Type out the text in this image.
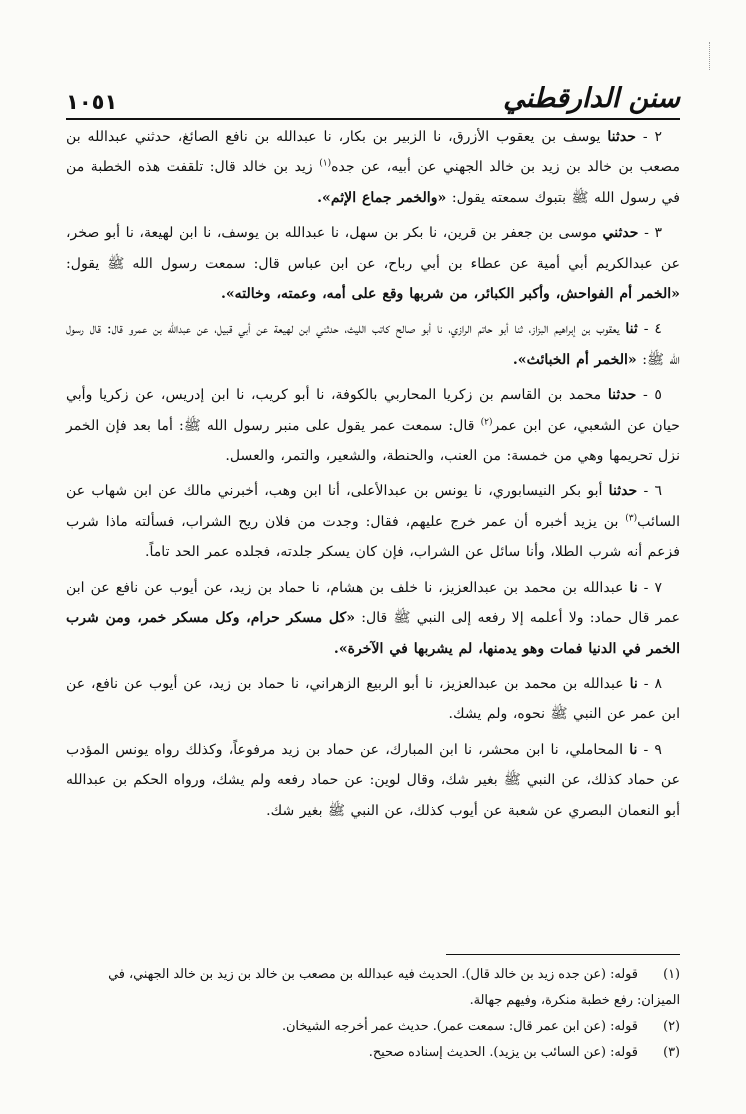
١٠٥١	سنن الدارقطني

٢ - حدثنا يوسف بن يعقوب الأزرق، نا الزبير بن بكار، نا عبدالله بن نافع الصائغ، حدثني عبدالله بن مصعب بن خالد بن زيد بن خالد الجهني عن أبيه، عن جده$^{(١)}$ زيد بن خالد قال: تلقفت هذه الخطبة من في رسول الله ﷺ بتبوك سمعته يقول: «والخمر جماع الإثم».

٣ - حدثني موسى بن جعفر بن قرين، نا بكر بن سهل، نا عبدالله بن يوسف، نا ابن لهيعة، نا أبو صخر، عن عبدالكريم أبي أمية عن عطاء بن أبي رباح، عن ابن عباس قال: سمعت رسول الله ﷺ يقول: «الخمر أم الفواحش، وأكبر الكبائر، من شربها وقع على أمه، وعمته، وخالته».

٤ - ثنا يعقوب بن إبراهيم البزاز، ثنا أبو حاتم الرازي، نا أبو صالح كاتب الليث، حدثني ابن لهيعة عن أبي قبيل، عن عبدالله بن عمرو قال: قال رسول الله ﷺ: «الخمر أم الخبائث».

٥ - حدثنا محمد بن القاسم بن زكريا المحاربي بالكوفة، نا أبو كريب، نا ابن إدريس، عن زكريا وأبي حيان عن الشعبي، عن ابن عمر$^{(٢)}$ قال: سمعت عمر يقول على منبر رسول الله ﷺ: أما بعد فإن الخمر نزل تحريمها وهي من خمسة: من العنب، والحنطة، والشعير، والتمر، والعسل.

٦ - حدثنا أبو بكر النيسابوري، نا يونس بن عبدالأعلى، أنا ابن وهب، أخبرني مالك عن ابن شهاب عن السائب$^{(٣)}$ بن يزيد أخبره أن عمر خرج عليهم، فقال: وجدت من فلان ريح الشراب، فسألته ماذا شرب فزعم أنه شرب الطلا، وأنا سائل عن الشراب، فإن كان يسكر جلدته، فجلده عمر الحد تاماً.

٧ - نا عبدالله بن محمد بن عبدالعزيز، نا خلف بن هشام، نا حماد بن زيد، عن أيوب عن نافع عن ابن عمر قال حماد: ولا أعلمه إلا رفعه إلى النبي ﷺ قال: «كل مسكر حرام، وكل مسكر خمر، ومن شرب الخمر في الدنيا فمات وهو يدمنها، لم يشربها في الآخرة».

٨ - نا عبدالله بن محمد بن عبدالعزيز، نا أبو الربيع الزهراني، نا حماد بن زيد، عن أيوب عن نافع، عن ابن عمر عن النبي ﷺ نحوه، ولم يشك.

٩ - نا المحاملي، نا ابن محشر، نا ابن المبارك، عن حماد بن زيد مرفوعاً، وكذلك رواه يونس المؤدب عن حماد كذلك، عن النبي ﷺ بغير شك، وقال لوين: عن حماد رفعه ولم يشك، ورواه الحكم بن عبدالله أبو النعمان البصري عن شعبة عن أيوب كذلك، عن النبي ﷺ بغير شك.

(١) قوله: (عن جده زيد بن خالد قال). الحديث فيه عبدالله بن مصعب بن خالد بن زيد بن خالد الجهني، في الميزان: رفع خطبة منكرة، وفيهم جهالة.

(٢) قوله: (عن ابن عمر قال: سمعت عمر). حديث عمر أخرجه الشيخان.

(٣) قوله: (عن السائب بن يزيد). الحديث إسناده صحيح.
